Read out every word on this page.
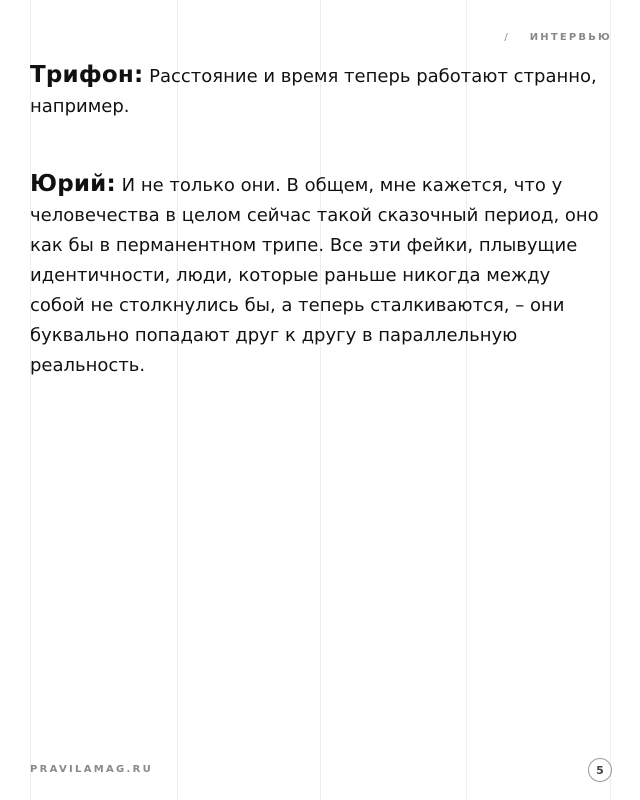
/ ИНТЕРВЬЮ

Трифон: Расстояние и время теперь работают странно, например.

Юрий: И не только они. В общем, мне кажется, что у человечества в целом сейчас такой сказочный период, оно как бы в перманентном трипе. Все эти фейки, плывущие идентичности, люди, которые раньше никогда между собой не столкнулись бы, а теперь сталкиваются, – они буквально попадают друг к другу в параллельную реальность.

PRAVILAMAG.RU	5
